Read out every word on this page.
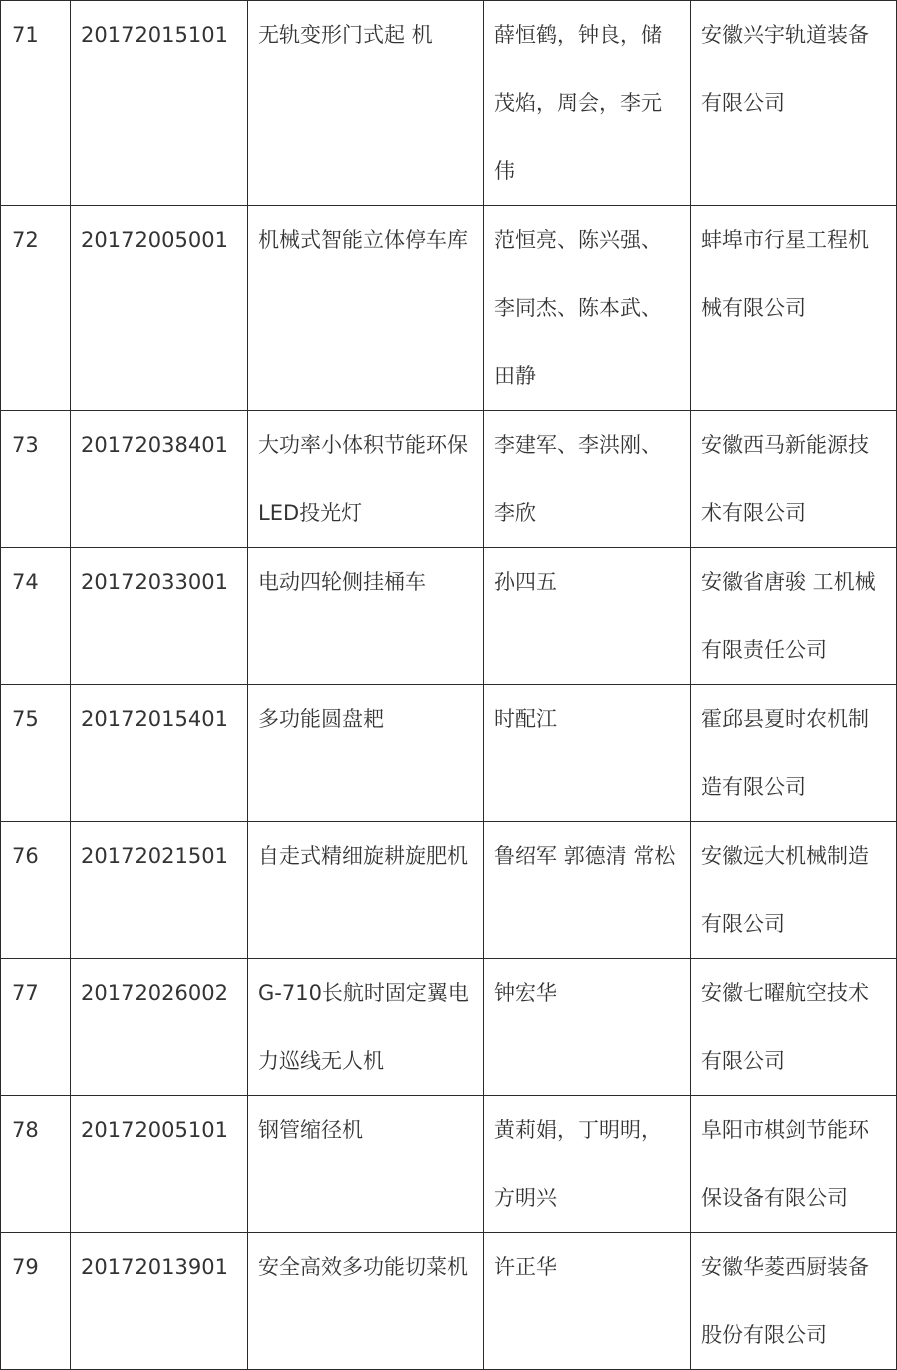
71	20172015101	无轨变形门式起 机	薛恒鹤，钟良，储茂焰，周会，李元伟	安徽兴宇轨道装备有限公司

72	20172005001	机械式智能立体停车库	范恒亮、陈兴强、李同杰、陈本武、田静	蚌埠市行星工程机械有限公司

73	20172038401	大功率小体积节能环保LED投光灯	李建军、李洪刚、李欣	安徽西马新能源技术有限公司

74	20172033001	电动四轮侧挂桶车	孙四五	安徽省唐骏 工机械有限责任公司

75	20172015401	多功能圆盘耙	时配江	霍邱县夏时农机制造有限公司

76	20172021501	自走式精细旋耕旋肥机	鲁绍军 郭德清 常松	安徽远大机械制造有限公司

77	20172026002	G-710长航时固定翼电力巡线无人机	钟宏华	安徽七曜航空技术有限公司

78	20172005101	钢管缩径机	黄莉娟，丁明明，方明兴	阜阳市棋剑节能环保设备有限公司

79	20172013901	安全高效多功能切菜机	许正华	安徽华菱西厨装备股份有限公司
